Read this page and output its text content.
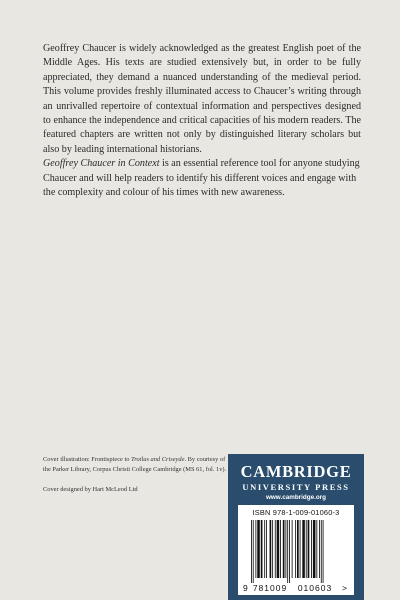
Geoffrey Chaucer is widely acknowledged as the greatest English poet of the Middle Ages. His texts are studied extensively but, in order to be fully appreciated, they demand a nuanced understanding of the medieval period. This volume provides freshly illuminated access to Chaucer’s writing through an unrivalled repertoire of contextual information and perspectives designed to enhance the independence and critical capacities of his modern readers. The featured chapters are written not only by distinguished literary scholars but also by leading international historians.

Geoffrey Chaucer in Context is an essential reference tool for anyone studying Chaucer and will help readers to identify his different voices and engage with the complexity and colour of his times with new awareness.

Cover illustration: Frontispiece to Troilus and Criseyde. By courtesy of the Parker Library, Corpus Christi College Cambridge (MS 61, fol. 1v).

Cover designed by Hart McLeod Ltd

CAMBRIDGE
UNIVERSITY PRESS
www.cambridge.org
ISBN 978-1-009-01060-3
9 781009 010603 >
